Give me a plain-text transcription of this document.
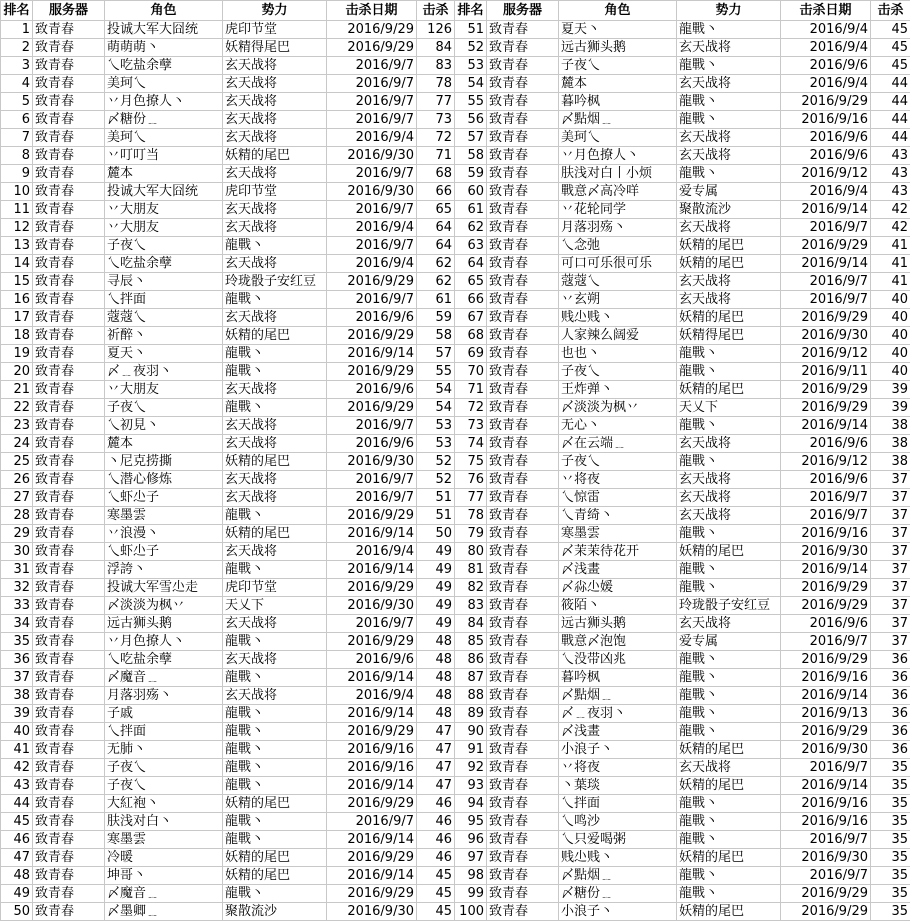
排名	服务器	角色	势力	击杀日期	击杀	排名	服务器	角色	势力	击杀日期	击杀
1	致青春	投诚大军大囧统	虎印节堂	2016/9/29	126	51	致青春	夏天丶	龍戰丶	2016/9/4	45
2	致青春	萌萌萌丶	妖精得尾巴	2016/9/29	84	52	致青春	远古狮头鹅	玄天战将	2016/9/4	45
3	致青春	乀吃盐余孽	玄天战将	2016/9/7	83	53	致青春	子夜乀	龍戰丶	2016/9/6	45
4	致青春	美珂乀	玄天战将	2016/9/7	78	54	致青春	麓本	玄天战将	2016/9/4	44
5	致青春	丷月色撩人丶	玄天战将	2016/9/7	77	55	致青春	暮吟枫	龍戰丶	2016/9/29	44
6	致青春	〆糖份﹎	玄天战将	2016/9/7	73	56	致青春	〆點烟﹎	龍戰丶	2016/9/16	44
7	致青春	美珂乀	玄天战将	2016/9/4	72	57	致青春	美珂乀	玄天战将	2016/9/6	44
8	致青春	丷叮叮当	妖精的尾巴	2016/9/30	71	58	致青春	丷月色撩人丶	玄天战将	2016/9/6	43
9	致青春	麓本	玄天战将	2016/9/7	68	59	致青春	肤浅对白丨小烦	龍戰丶	2016/9/12	43
10	致青春	投诚大军大囧统	虎印节堂	2016/9/30	66	60	致青春	戰意〆高冷咩	爱专属	2016/9/4	43
11	致青春	丷大朋友	玄天战将	2016/9/7	65	61	致青春	丷花轮同学	聚散流沙	2016/9/14	42
12	致青春	丷大朋友	玄天战将	2016/9/4	64	62	致青春	月落羽殇丶	玄天战将	2016/9/7	42
13	致青春	子夜乀	龍戰丶	2016/9/7	64	63	致青春	乀念弛	妖精的尾巴	2016/9/29	41
14	致青春	乀吃盐余孽	玄天战将	2016/9/4	62	64	致青春	可口可乐很可乐	妖精的尾巴	2016/9/14	41
15	致青春	寻辰丶	玲珑骰子安红豆	2016/9/29	62	65	致青春	蔻蔻乀	玄天战将	2016/9/7	41
16	致青春	乀拌面	龍戰丶	2016/9/7	61	66	致青春	丷玄朔	玄天战将	2016/9/7	40
17	致青春	蔻蔻乀	玄天战将	2016/9/6	59	67	致青春	贱尐贱丶	妖精的尾巴	2016/9/29	40
18	致青春	祈醉丶	妖精的尾巴	2016/9/29	58	68	致青春	人家辣么阔爱	妖精得尾巴	2016/9/30	40
19	致青春	夏天丶	龍戰丶	2016/9/14	57	69	致青春	也也丶	龍戰丶	2016/9/12	40
20	致青春	〆﹎夜羽丶	龍戰丶	2016/9/29	55	70	致青春	子夜乀	龍戰丶	2016/9/11	40
21	致青春	丷大朋友	玄天战将	2016/9/6	54	71	致青春	王炸弹丶	妖精的尾巴	2016/9/29	39
22	致青春	子夜乀	龍戰丶	2016/9/29	54	72	致青春	〆淡淡为枫丷	天乂下	2016/9/29	39
23	致青春	乀初見丶	玄天战将	2016/9/7	53	73	致青春	无心丶	龍戰丶	2016/9/14	38
24	致青春	麓本	玄天战将	2016/9/6	53	74	致青春	〆在云端﹎	玄天战将	2016/9/6	38
25	致青春	丶尼克捞撕	妖精的尾巴	2016/9/30	52	75	致青春	子夜乀	龍戰丶	2016/9/12	38
26	致青春	乀潜心修炼	玄天战将	2016/9/7	52	76	致青春	丷将夜	玄天战将	2016/9/6	37
27	致青春	乀虾尐子	玄天战将	2016/9/7	51	77	致青春	乀惊雷	玄天战将	2016/9/7	37
28	致青春	寒墨雲	龍戰丶	2016/9/29	51	78	致青春	乀青绮丶	玄天战将	2016/9/7	37
29	致青春	丷浪漫丶	妖精的尾巴	2016/9/14	50	79	致青春	寒墨雲	龍戰丶	2016/9/16	37
30	致青春	乀虾尐子	玄天战将	2016/9/4	49	80	致青春	〆茉茉待花开	妖精的尾巴	2016/9/30	37
31	致青春	浮誇丶	龍戰丶	2016/9/14	49	81	致青春	〆浅畫	龍戰丶	2016/9/14	37
32	致青春	投诚大军雪尐走	虎印节堂	2016/9/29	49	82	致青春	〆尛尐媛	龍戰丶	2016/9/29	37
33	致青春	〆淡淡为枫丷	天乂下	2016/9/30	49	83	致青春	筱陌丶	玲珑骰子安红豆	2016/9/29	37
34	致青春	远古狮头鹅	玄天战将	2016/9/7	49	84	致青春	远古狮头鹅	玄天战将	2016/9/6	37
35	致青春	丷月色撩人丶	龍戰丶	2016/9/29	48	85	致青春	戰意〆泡饱	爱专属	2016/9/7	37
36	致青春	乀吃盐余孽	玄天战将	2016/9/6	48	86	致青春	乀没带凶兆	龍戰丶	2016/9/29	36
37	致青春	〆魔音﹎	龍戰丶	2016/9/14	48	87	致青春	暮吟枫	龍戰丶	2016/9/16	36
38	致青春	月落羽殇丶	玄天战将	2016/9/4	48	88	致青春	〆點烟﹎	龍戰丶	2016/9/14	36
39	致青春	子戚	龍戰丶	2016/9/14	48	89	致青春	〆﹎夜羽丶	龍戰丶	2016/9/13	36
40	致青春	乀拌面	龍戰丶	2016/9/29	47	90	致青春	〆浅畫	龍戰丶	2016/9/29	36
41	致青春	无肺丶	龍戰丶	2016/9/16	47	91	致青春	小浪子丶	妖精的尾巴	2016/9/30	36
42	致青春	子夜乀	龍戰丶	2016/9/16	47	92	致青春	丷将夜	玄天战将	2016/9/7	35
43	致青春	子夜乀	龍戰丶	2016/9/14	47	93	致青春	丶葉琰	妖精的尾巴	2016/9/14	35
44	致青春	大紅袍丶	妖精的尾巴	2016/9/29	46	94	致青春	乀拌面	龍戰丶	2016/9/16	35
45	致青春	肤浅对白丶	龍戰丶	2016/9/7	46	95	致青春	乀鸣沙	龍戰丶	2016/9/16	35
46	致青春	寒墨雲	龍戰丶	2016/9/14	46	96	致青春	乀只爱喝粥	龍戰丶	2016/9/7	35
47	致青春	冷暖	妖精的尾巴	2016/9/29	46	97	致青春	贱尐贱丶	妖精的尾巴	2016/9/30	35
48	致青春	坤哥丶	妖精的尾巴	2016/9/14	45	98	致青春	〆點烟﹎	龍戰丶	2016/9/7	35
49	致青春	〆魔音﹎	龍戰丶	2016/9/29	45	99	致青春	〆糖份﹎	龍戰丶	2016/9/29	35
50	致青春	〆墨卿﹎	聚散流沙	2016/9/30	45	100	致青春	小浪子丶	妖精的尾巴	2016/9/29	35
